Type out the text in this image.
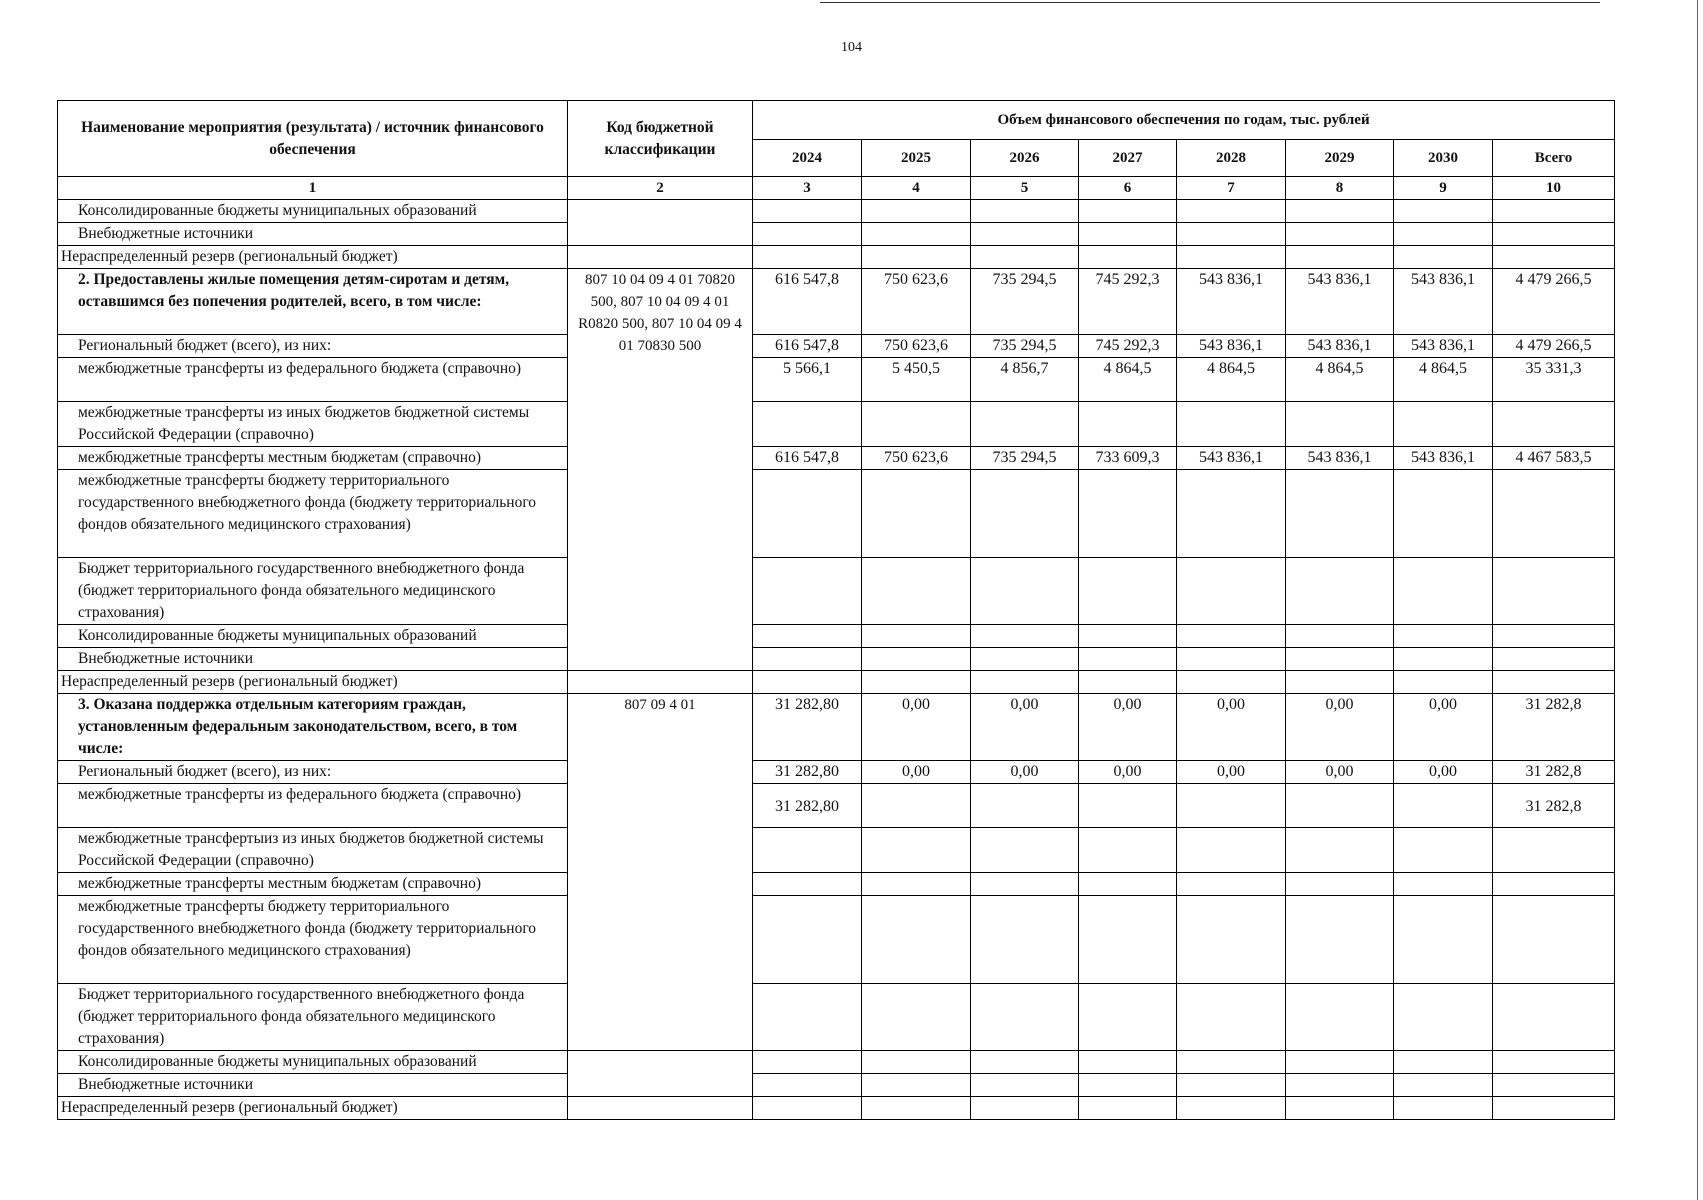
104
Наименование мероприятия (результата) / источник финансового обеспечения	Код бюджетной классификации	Объем финансового обеспечения по годам, тыс. рублей							
		2024	2025	2026	2027	2028	2029	2030	Всего
1	2	3	4	5	6	7	8	9	10
Консолидированные бюджеты муниципальных образований									
Внебюджетные источники									
Нераспределенный резерв (региональный бюджет)									
2. Предоставлены жилые помещения детям-сиротам и детям, оставшимся без попечения родителей, всего, в том числе:	807 10 04 09 4 01 70820 500, 807 10 04 09 4 01 R0820 500, 807 10 04 09 4 01 70830 500	616 547,8	750 623,6	735 294,5	745 292,3	543 836,1	543 836,1	543 836,1	4 479 266,5
Региональный бюджет (всего), из них:		616 547,8	750 623,6	735 294,5	745 292,3	543 836,1	543 836,1	543 836,1	4 479 266,5
межбюджетные трансферты из федерального бюджета (справочно)		5 566,1	5 450,5	4 856,7	4 864,5	4 864,5	4 864,5	4 864,5	35 331,3
межбюджетные трансферты из иных бюджетов бюджетной системы Российской Федерации (справочно)									
межбюджетные трансферты местным бюджетам (справочно)		616 547,8	750 623,6	735 294,5	733 609,3	543 836,1	543 836,1	543 836,1	4 467 583,5
межбюджетные трансферты бюджету территориального государственного внебюджетного фонда (бюджету территориального фондов обязательного медицинского страхования)									
Бюджет территориального государственного внебюджетного фонда (бюджет территориального фонда обязательного медицинского страхования)									
Консолидированные бюджеты муниципальных образований									
Внебюджетные источники									
Нераспределенный резерв (региональный бюджет)									
3. Оказана поддержка отдельным категориям граждан, установленным федеральным законодательством, всего, в том числе:	807 09 4 01	31 282,80	0,00	0,00	0,00	0,00	0,00	0,00	31 282,8
Региональный бюджет (всего), из них:		31 282,80	0,00	0,00	0,00	0,00	0,00	0,00	31 282,8
межбюджетные трансферты из федерального бюджета (справочно)		31 282,80							31 282,8
межбюджетные трансфертыиз из иных бюджетов бюджетной системы Российской Федерации (справочно)									
межбюджетные трансферты местным бюджетам (справочно)									
межбюджетные трансферты бюджету территориального государственного внебюджетного фонда (бюджету территориального фондов обязательного медицинского страхования)									
Бюджет территориального государственного внебюджетного фонда (бюджет территориального фонда обязательного медицинского страхования)									
Консолидированные бюджеты муниципальных образований									
Внебюджетные источники									
Нераспределенный резерв (региональный бюджет)									
